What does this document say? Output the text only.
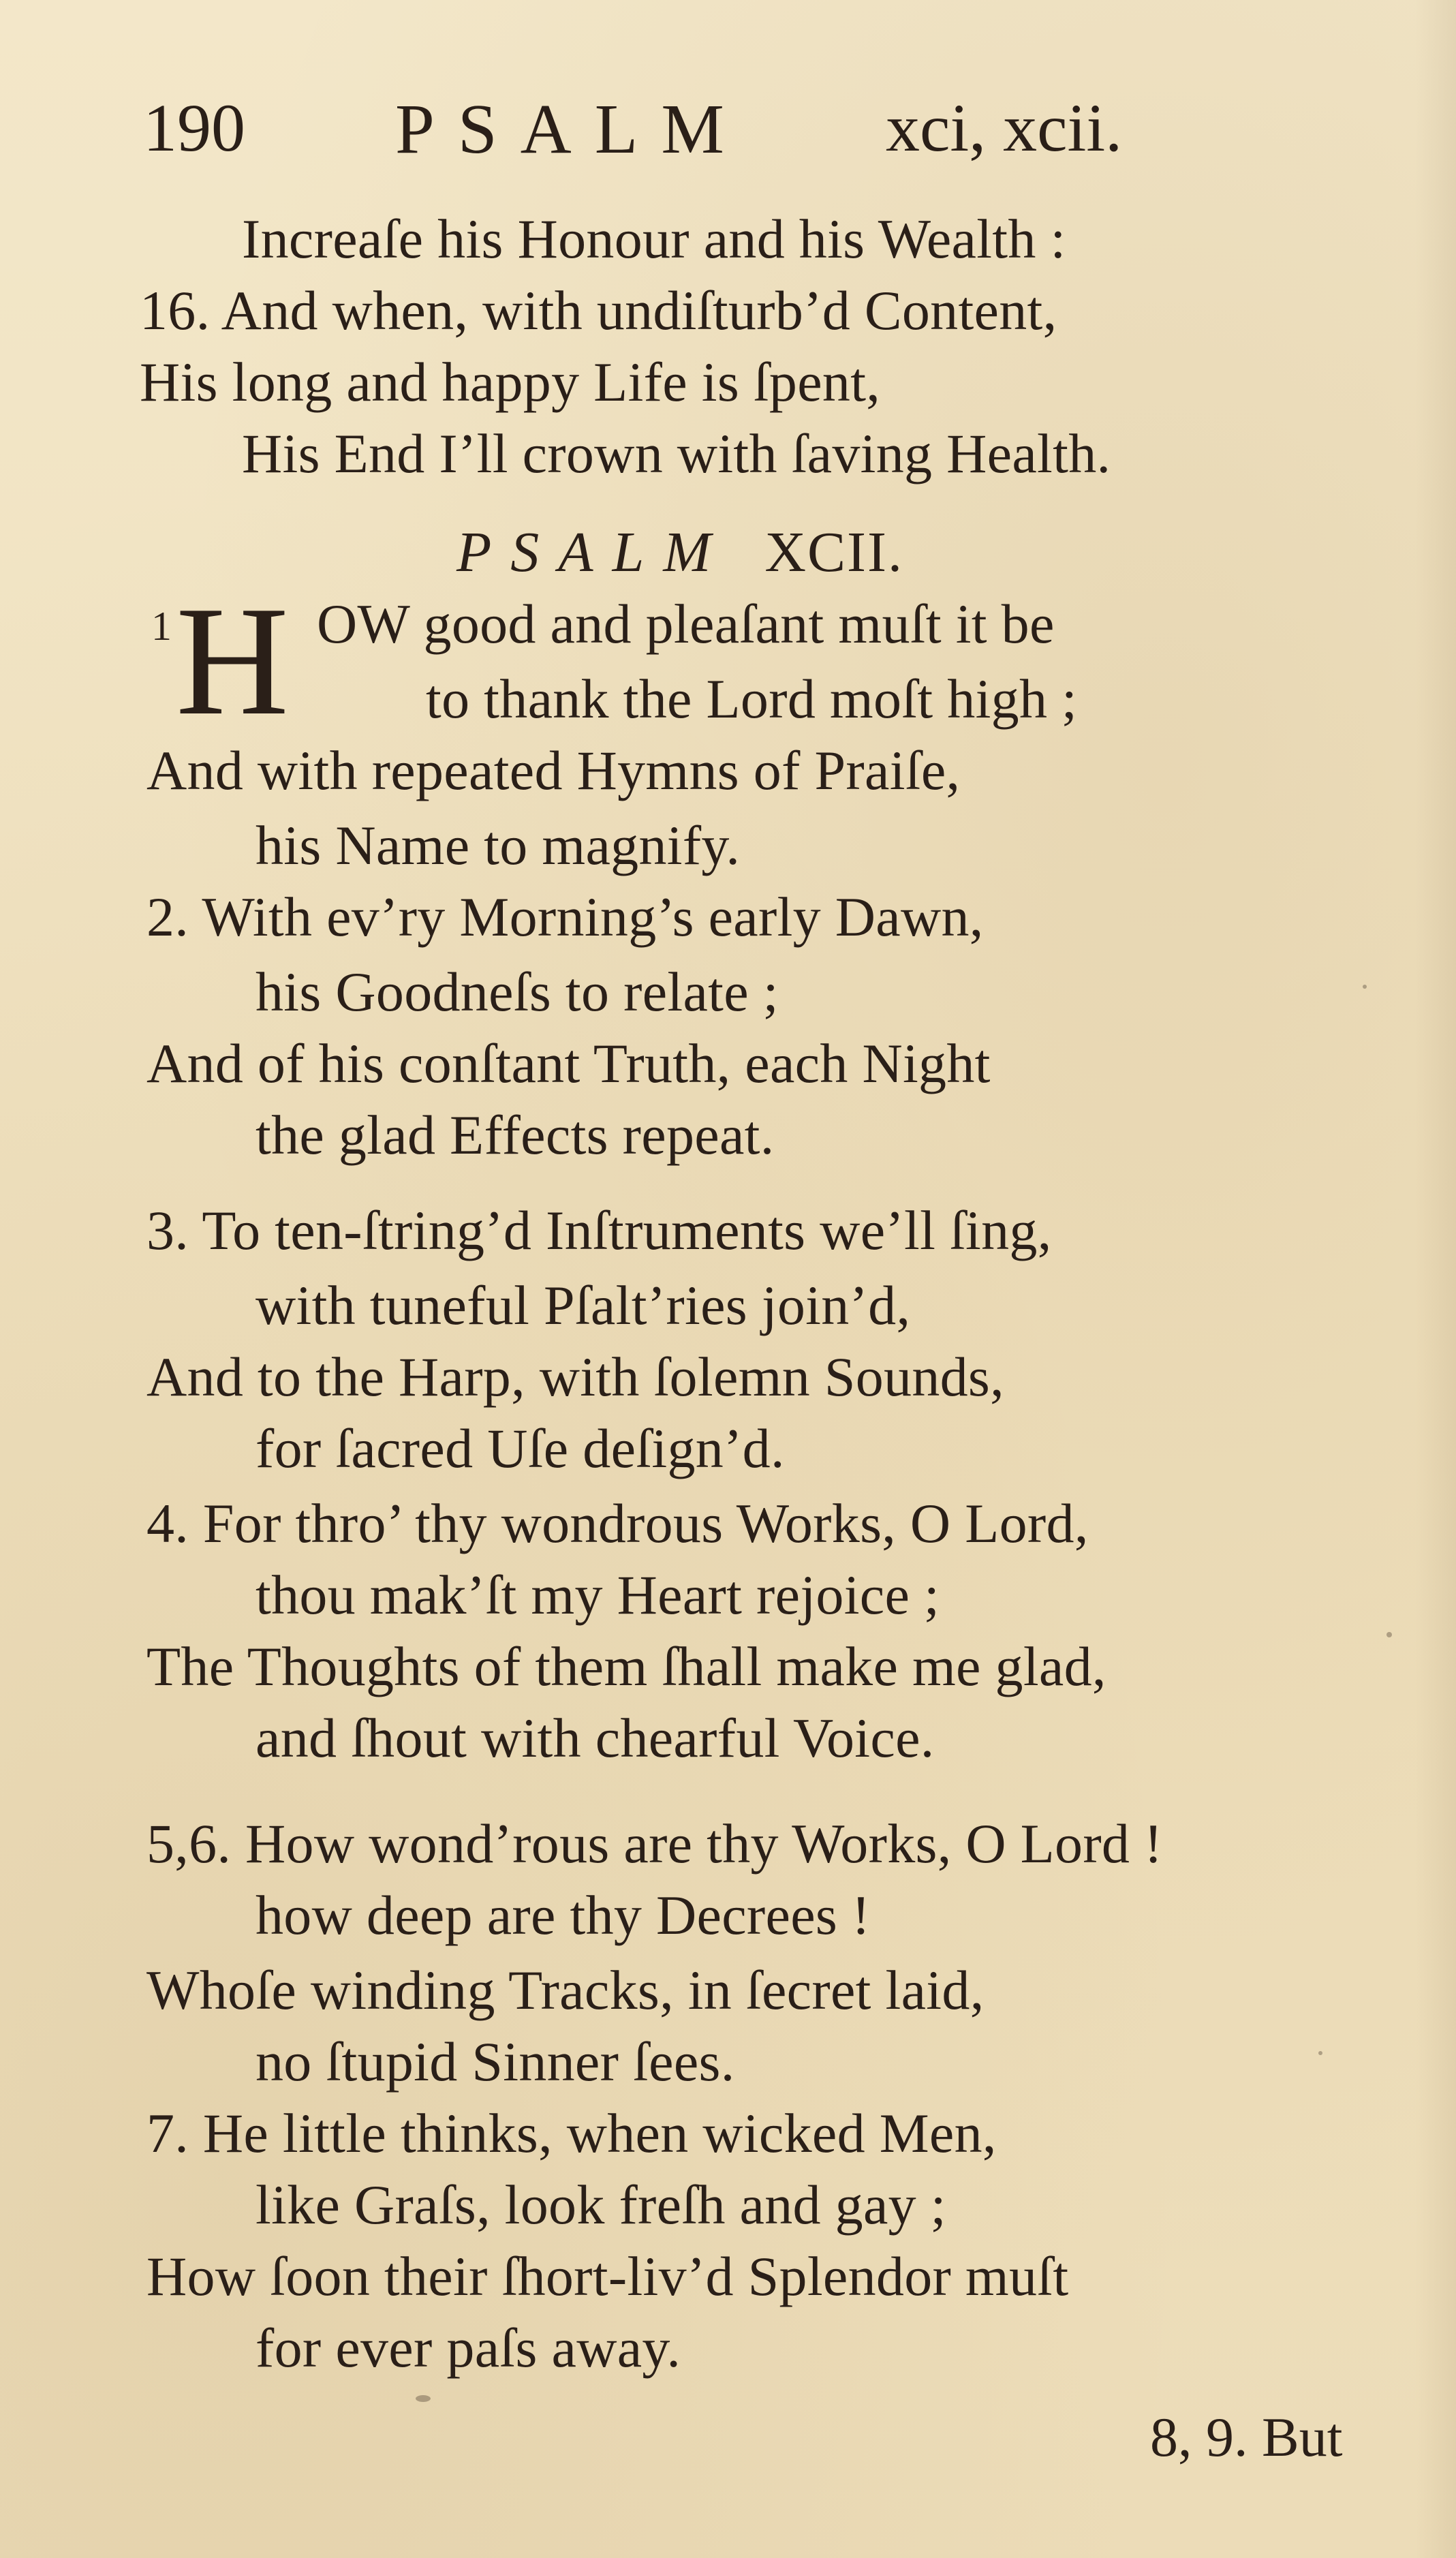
190 PSALM xci, xcii.
Increaſe his Honour and his Wealth :
16. And when, with undiſturb’d Content,
His long and happy Life is ſpent,
His End I’ll crown with ſaving Health.
PSALM XCII.
1 H OW good and pleaſant muſt it be
to thank the Lord moſt high ;
And with repeated Hymns of Praiſe,
his Name to magnify.
2. With ev’ry Morning’s early Dawn,
his Goodneſs to relate ;
And of his conſtant Truth, each Night
the glad Effects repeat.
3. To ten-ſtring’d Inſtruments we’ll ſing,
with tuneful Pſalt’ries join’d,
And to the Harp, with ſolemn Sounds,
for ſacred Uſe deſign’d.
4. For thro’ thy wondrous Works, O Lord,
thou mak’ſt my Heart rejoice ;
The Thoughts of them ſhall make me glad,
and ſhout with chearful Voice.
5,6. How wond’rous are thy Works, O Lord !
how deep are thy Decrees !
Whoſe winding Tracks, in ſecret laid,
no ſtupid Sinner ſees.
7. He little thinks, when wicked Men,
like Graſs, look freſh and gay ;
How ſoon their ſhort-liv’d Splendor muſt
for ever paſs away.
8, 9. But
